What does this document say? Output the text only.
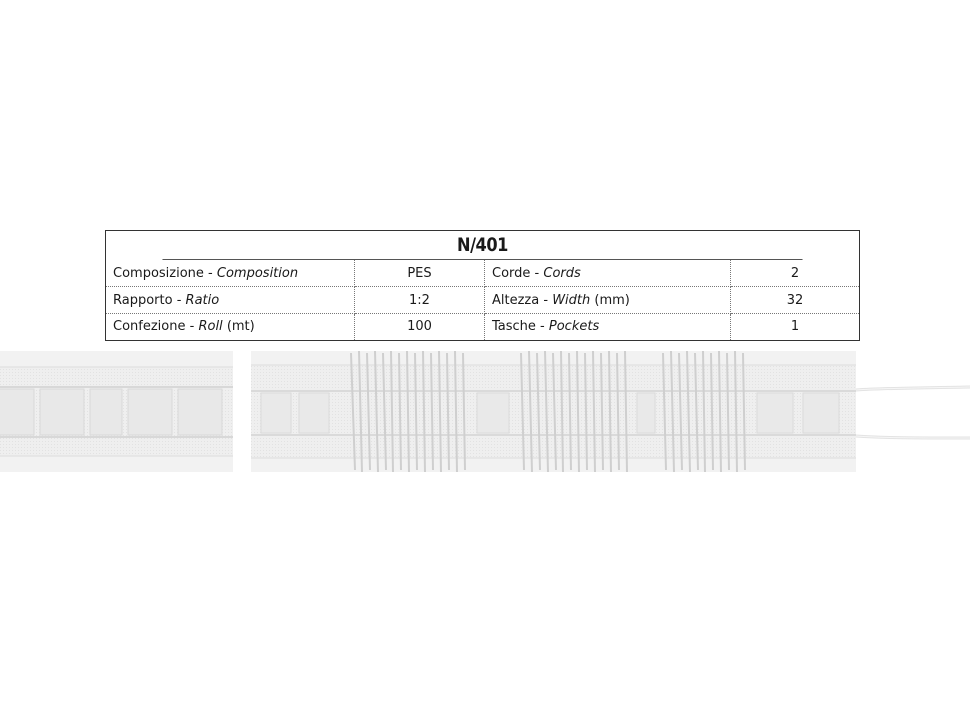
N/401
Composizione - Composition	PES	Corde - Cords	2
Rapporto - Ratio	1:2	Altezza - Width (mm)	32
Confezione - Roll (mt)	100	Tasche - Pockets	1
